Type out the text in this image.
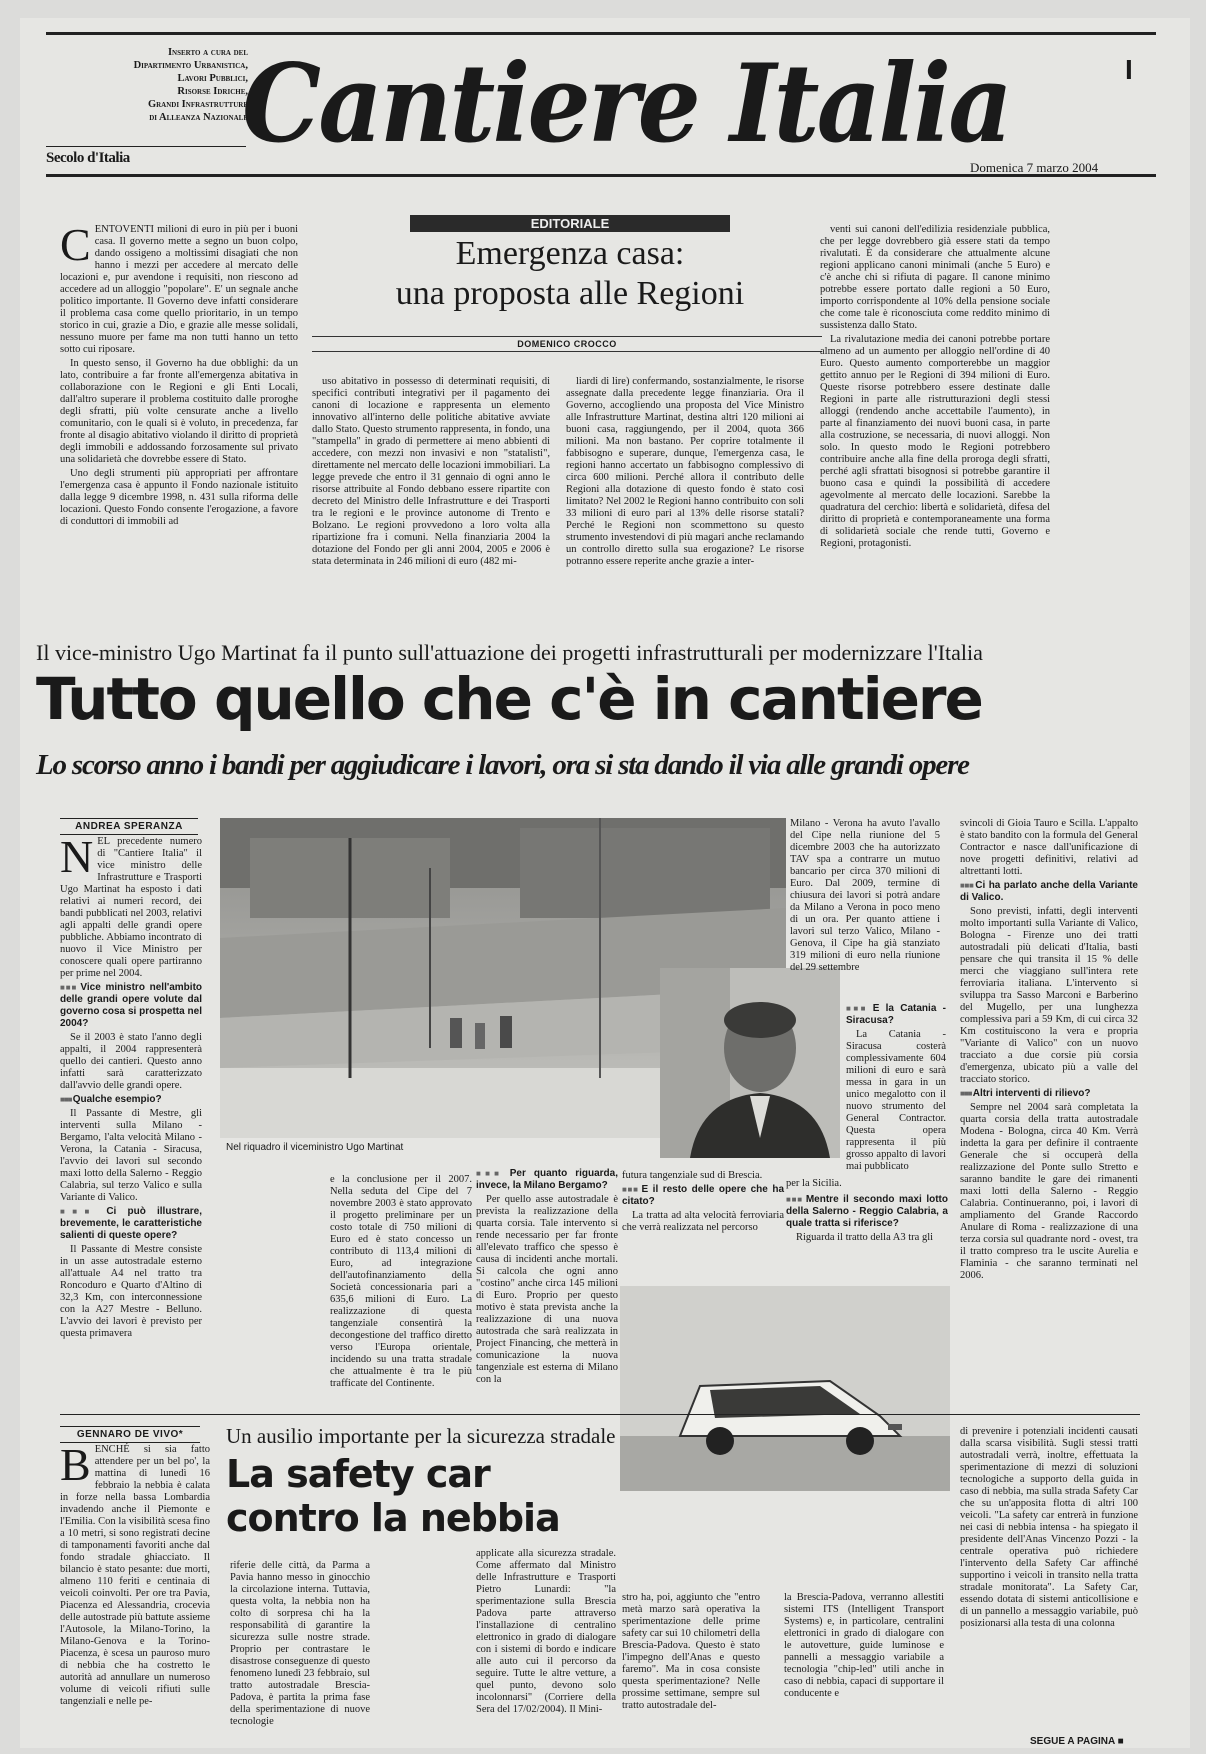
Inserto a cura del
Dipartimento Urbanistica,
Lavori Pubblici,
Risorse Idriche,
Grandi Infrastrutture
di Alleanza Nazionale
Secolo d'Italia Cantiere Italia	I
Domenica 7 marzo 2004
EDITORIALE
Emergenza casa:
una proposta alle Regioni
DOMENICO CROCCO
C ENTOVENTI milioni di euro in più per i buoni casa. Il governo mette a segno un buon colpo, dando ossigeno a moltissimi disagiati che non hanno i mezzi per accedere al mercato delle locazioni e, pur avendone i requisiti, non riescono ad accedere ad un alloggio "popolare". E' un segnale anche politico importante. Il Governo deve infatti considerare il problema casa come quello prioritario, in un tempo storico in cui, grazie a Dio, e grazie alle messe solidali, nessuno muore per fame ma non tutti hanno un tetto sotto cui riposare.

In questo senso, il Governo ha due obblighi: da un lato, contribuire a far fronte all'emergenza abitativa in collaborazione con le Regioni e gli Enti Locali, dall'altro superare il problema costituito dalle proroghe degli sfratti, più volte censurate anche a livello comunitario, con le quali si è voluto, in precedenza, far fronte al disagio abitativo violando il diritto di proprietà degli immobili e addossando forzosamente sul privato una solidarietà che dovrebbe essere di Stato.

Uno degli strumenti più appropriati per affrontare l'emergenza casa è appunto il Fondo nazionale istituito dalla legge 9 dicembre 1998, n. 431 sulla riforma delle locazioni. Questo Fondo consente l'erogazione, a favore di conduttori di immobili ad

uso abitativo in possesso di determinati requisiti, di specifici contributi integrativi per il pagamento dei canoni di locazione e rappresenta un elemento innovativo all'interno delle politiche abitative avviate dallo Stato. Questo strumento rappresenta, in fondo, una "stampella" in grado di permettere ai meno abbienti di accedere, con mezzi non invasivi e non "statalisti", direttamente nel mercato delle locazioni immobiliari. La legge prevede che entro il 31 gennaio di ogni anno le risorse attribuite al Fondo debbano essere ripartite con decreto del Ministro delle Infrastrutture e dei Trasporti tra le regioni e le province autonome di Trento e Bolzano. Le regioni provvedono a loro volta alla ripartizione fra i comuni. Nella finanziaria 2004 la dotazione del Fondo per gli anni 2004, 2005 e 2006 è stata determinata in 246 milioni di euro (482 mi-

liardi di lire) confermando, sostanzialmente, le risorse assegnate dalla precedente legge finanziaria. Ora il Governo, accogliendo una proposta del Vice Ministro alle Infrastrutture Martinat, destina altri 120 milioni ai buoni casa, raggiungendo, per il 2004, quota 366 milioni. Ma non bastano. Per coprire totalmente il fabbisogno e superare, dunque, l'emergenza casa, le regioni hanno accertato un fabbisogno complessivo di circa 600 milioni. Perché allora il contributo delle Regioni alla dotazione di questo fondo è stato così limitato? Nel 2002 le Regioni hanno contribuito con soli 33 milioni di euro pari al 13% delle risorse statali? Perché le Regioni non scommettono su questo strumento investendovi di più magari anche reclamando un controllo diretto sulla sua erogazione? Le risorse potranno essere reperite anche grazie a inter-

venti sui canoni dell'edilizia residenziale pubblica, che per legge dovrebbero già essere stati da tempo rivalutati. È da considerare che attualmente alcune regioni applicano canoni minimali (anche 5 Euro) e c'è anche chi si rifiuta di pagare. Il canone minimo potrebbe essere portato dalle regioni a 50 Euro, importo corrispondente al 10% della pensione sociale che come tale è riconosciuta come reddito minimo di sussistenza dallo Stato.

La rivalutazione media dei canoni potrebbe portare almeno ad un aumento per alloggio nell'ordine di 40 Euro. Questo aumento comporterebbe un maggior gettito annuo per le Regioni di 394 milioni di Euro. Queste risorse potrebbero essere destinate dalle Regioni in parte alle ristrutturazioni degli stessi alloggi (rendendo anche accettabile l'aumento), in parte al finanziamento dei nuovi buoni casa, in parte alla costruzione, se necessaria, di nuovi alloggi. Non solo. In questo modo le Regioni potrebbero contribuire anche alla fine della proroga degli sfratti, perché agli sfrattati bisognosi si potrebbe garantire il buono casa e quindi la possibilità di accedere agevolmente al mercato delle locazioni. Sarebbe la quadratura del cerchio: libertà e solidarietà, difesa del diritto di proprietà e contemporaneamente una forma di solidarietà sociale che rende tutti, Governo e Regioni, protagonisti.

Il vice-ministro Ugo Martinat fa il punto sull'attuazione dei progetti infrastrutturali per modernizzare l'Italia
Tutto quello che c'è in cantiere
Lo scorso anno i bandi per aggiudicare i lavori, ora si sta dando il via alle grandi opere
ANDREA SPERANZA
N EL precedente numero di "Cantiere Italia" il vice ministro delle Infrastrutture e Trasporti Ugo Martinat ha esposto i dati relativi ai numeri record, dei bandi pubblicati nel 2003, relativi agli appalti delle grandi opere pubbliche. Abbiamo incontrato di nuovo il Vice Ministro per conoscere quali opere partiranno per prime nel 2004.

■■■ Vice ministro nell'ambito delle grandi opere volute dal governo cosa si prospetta nel 2004?

Se il 2003 è stato l'anno degli appalti, il 2004 rappresenterà quello dei cantieri. Questo anno infatti sarà caratterizzato dall'avvio delle grandi opere.

■■■ Qualche esempio?

Il Passante di Mestre, gli interventi sulla Milano - Bergamo, l'alta velocità Milano - Verona, la Catania - Siracusa, l'avvio dei lavori sul secondo maxi lotto della Salerno - Reggio Calabria, sul terzo Valico e sulla Variante di Valico.

■■■ Ci può illustrare, brevemente, le caratteristiche salienti di queste opere?

Il Passante di Mestre consiste in un asse autostradale esterno all'attuale A4 nel tratto tra Roncoduro e Quarto d'Altino di 32,3 Km, con interconnessione con la A27 Mestre - Belluno. L'avvio dei lavori è previsto per questa primavera

Nel riquadro il viceministro Ugo Martinat

e la conclusione per il 2007. Nella seduta del Cipe del 7 novembre 2003 è stato approvato il progetto preliminare per un costo totale di 750 milioni di Euro ed è stato concesso un contributo di 113,4 milioni di Euro, ad integrazione dell'autofinanziamento della Società concessionaria pari a 635,6 milioni di Euro. La realizzazione di questa tangenziale consentirà la decongestione del traffico diretto verso l'Europa orientale, incidendo su una tratta stradale che attualmente è tra le più trafficate del Continente.

■■■ Per quanto riguarda, invece, la Milano Bergamo?

Per quello asse autostradale è prevista la realizzazione della quarta corsia. Tale intervento si rende necessario per far fronte all'elevato traffico che spesso è causa di incidenti anche mortali. Si calcola che ogni anno "costino" anche circa 145 milioni di Euro. Proprio per questo motivo è stata prevista anche la realizzazione di una nuova autostrada che sarà realizzata in Project Financing, che metterà in comunicazione la nuova tangenziale est esterna di Milano con la

futura tangenziale sud di Brescia.

■■■ E il resto delle opere che ha citato?

La tratta ad alta velocità ferroviaria che verrà realizzata nel percorso

Milano - Verona ha avuto l'avallo del Cipe nella riunione del 5 dicembre 2003 che ha autorizzato TAV spa a contrarre un mutuo bancario per circa 370 milioni di Euro. Dal 2009, termine di chiusura dei lavori si potrà andare da Milano a Verona in poco meno di un ora. Per quanto attiene i lavori sul terzo Valico, Milano - Genova, il Cipe ha già stanziato 319 milioni di euro nella riunione del 29 settembre

■■■ E la Catania - Siracusa?

La Catania - Siracusa costerà complessivamente 604 milioni di euro e sarà messa in gara in un unico megalotto con il nuovo strumento del General Contractor. Questa opera rappresenta il più grosso appalto di lavori mai pubblicato

per la Sicilia.

■■■ Mentre il secondo maxi lotto della Salerno - Reggio Calabria, a quale tratta si riferisce?

Riguarda il tratto della A3 tra gli

svincoli di Gioia Tauro e Scilla. L'appalto è stato bandito con la formula del General Contractor e nasce dall'unificazione di nove progetti definitivi, relativi ad altrettanti lotti.

■■■ Ci ha parlato anche della Variante di Valico.

Sono previsti, infatti, degli interventi molto importanti sulla Variante di Valico, Bologna - Firenze uno dei tratti autostradali più delicati d'Italia, basti pensare che qui transita il 15 % delle merci che viaggiano sull'intera rete ferroviaria italiana. L'intervento si sviluppa tra Sasso Marconi e Barberino del Mugello, per una lunghezza complessiva pari a 59 Km, di cui circa 32 Km costituiscono la vera e propria "Variante di Valico" con un nuovo tracciato a due corsie più corsia d'emergenza, ubicato più a valle del tracciato storico.

■■■ Altri interventi di rilievo?

Sempre nel 2004 sarà completata la quarta corsia della tratta autostradale Modena - Bologna, circa 40 Km. Verrà indetta la gara per definire il contraente Generale che si occuperà della realizzazione del Ponte sullo Stretto e saranno bandite le gare dei rimanenti maxi lotti della Salerno - Reggio Calabria. Continueranno, poi, i lavori di ampliamento del Grande Raccordo Anulare di Roma - realizzazione di una terza corsia sul quadrante nord - ovest, tra il tratto compreso tra le uscite Aurelia e Flaminia - che saranno terminati nel 2006.

GENNARO DE VIVO*	Un ausilio importante per la sicurezza stradale
La safety car
contro la nebbia
B ENCHÉ si sia fatto attendere per un bel po', la mattina di lunedì 16 febbraio la nebbia è calata in forze nella bassa Lombardia invadendo anche il Piemonte e l'Emilia. Con la visibilità scesa fino a 10 metri, si sono registrati decine di tamponamenti favoriti anche dal fondo stradale ghiacciato. Il bilancio è stato pesante: due morti, almeno 110 feriti e centinaia di veicoli coinvolti. Per ore tra Pavia, Piacenza ed Alessandria, crocevia delle autostrade più battute assieme l'Autosole, la Milano-Torino, la Milano-Genova e la Torino-Piacenza, è scesa un pauroso muro di nebbia che ha costretto le autorità ad annullare un numeroso volume di veicoli rifiuti sulle tangenziali e nelle pe-
riferie delle città, da Parma a Pavia hanno messo in ginocchio la circolazione interna. Tuttavia, questa volta, la nebbia non ha colto di sorpresa chi ha la responsabilità di garantire la sicurezza sulle nostre strade. Proprio per contrastare le disastrose conseguenze di questo fenomeno lunedì 23 febbraio, sul tratto autostradale Brescia-Padova, è partita la prima fase della sperimentazione di nuove tecnologie
applicate alla sicurezza stradale. Come affermato dal Ministro delle Infrastrutture e Trasporti Pietro Lunardi: "la sperimentazione sulla Brescia Padova parte attraverso l'installazione di centralino elettronico in grado di dialogare con i sistemi di bordo e indicare alle auto cui il percorso da seguire. Tutte le altre vetture, a quel punto, devono solo incolonnarsi" (Corriere della Sera del 17/02/2004). Il Mini-
stro ha, poi, aggiunto che "entro metà marzo sarà operativa la sperimentazione delle prime safety car sui 10 chilometri della Brescia-Padova. Questo è stato l'impegno dell'Anas e questo faremo". Ma in cosa consiste questa sperimentazione? Nelle prossime settimane, sempre sul tratto autostradale del-
la Brescia-Padova, verranno allestiti sistemi ITS (Intelligent Transport Systems) e, in particolare, centralini elettronici in grado di dialogare con le autovetture, guide luminose e pannelli a messaggio variabile a tecnologia "chip-led" utili anche in caso di nebbia, capaci di supportare il conducente e
di prevenire i potenziali incidenti causati dalla scarsa visibilità. Sugli stessi tratti autostradali verrà, inoltre, effettuata la sperimentazione di mezzi di soluzioni tecnologiche a supporto della guida in caso di nebbia, ma sulla strada Safety Car che su un'apposita flotta di altri 100 veicoli. "La safety car entrerà in funzione nei casi di nebbia intensa - ha spiegato il presidente dell'Anas Vincenzo Pozzi - la centrale operativa può richiedere l'intervento della Safety Car affinché supportino i veicoli in transito nella tratta stradale monitorata". La Safety Car, essendo dotata di sistemi anticollisione e di un pannello a messaggio variabile, può posizionarsi alla testa di una colonna
SEGUE A PAGINA ■
